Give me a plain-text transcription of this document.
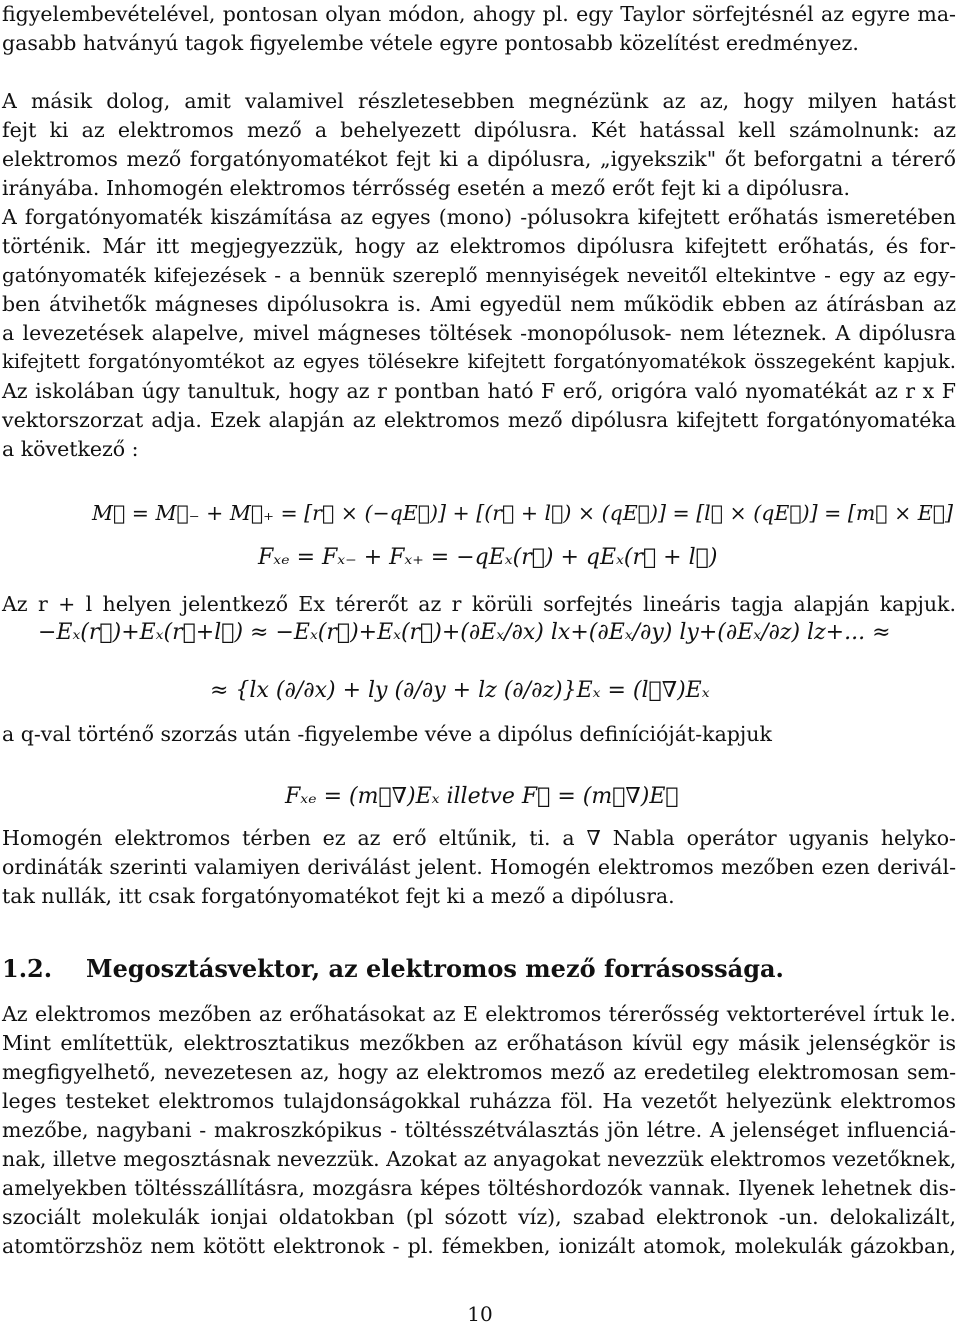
figyelembevételével, pontosan olyan módon, ahogy pl. egy Taylor sörfejtésnél az egyre ma-
gasabb hatványú tagok figyelembe vétele egyre pontosabb közelítést eredményez.
A másik dolog, amit valamivel részletesebben megnézünk az az, hogy milyen hatást
fejt ki az elektromos mező a behelyezett dipólusra. Két hatással kell számolnunk: az
elektromos mező forgatónyomatékot fejt ki a dipólusra, „igyekszik" őt beforgatni a térerő
irányába. Inhomogén elektromos térrősség esetén a mező erőt fejt ki a dipólusra.
A forgatónyomaték kiszámítása az egyes (mono) -pólusokra kifejtett erőhatás ismeretében
történik. Már itt megjegyezzük, hogy az elektromos dipólusra kifejtett erőhatás, és for-
gatónyomaték kifejezések - a bennük szereplő mennyiségek neveitől eltekintve - egy az egy-
ben átvihetők mágneses dipólusokra is. Ami egyedül nem működik ebben az átírásban az
a levezetések alapelve, mivel mágneses töltések -monopólusok- nem léteznek. A dipólusra
kifejtett forgatónyomtékot az egyes tölésekre kifejtett forgatónyomatékok összegeként kapjuk.
Az iskolában úgy tanultuk, hogy az r pontban ható F erő, origóra való nyomatékát az r x F
vektorszorzat adja. Ezek alapján az elektromos mező dipólusra kifejtett forgatónyomatéka
a következő :
M⃗ = M⃗₋ + M⃗₊ = [r⃗ × (−qE⃗)] + [(r⃗ + l⃗) × (qE⃗)] = [l⃗ × (qE⃗)] = [m⃗ × E⃗]
Fₓₑ = Fₓ₋ + Fₓ₊ = −qEₓ(r⃗) + qEₓ(r⃗ + l⃗)
Az r + l helyen jelentkező Ex térerőt az r körüli sorfejtés lineáris tagja alapján kapjuk.
−Eₓ(r⃗)+Eₓ(r⃗+l⃗) ≈ −Eₓ(r⃗)+Eₓ(r⃗)+(∂Eₓ/∂x) lx+(∂Eₓ/∂y) ly+(∂Eₓ/∂z) lz+... ≈
≈ {lx (∂/∂x) + ly (∂/∂y + lz (∂/∂z)}Eₓ = (l⃗∇)Eₓ
a q-val történő szorzás után -figyelembe véve a dipólus definícióját-kapjuk
Fₓₑ = (m⃗∇)Eₓ illetve F⃗ = (m⃗∇)E⃗
Homogén elektromos térben ez az erő eltűnik, ti. a ∇ Nabla operátor ugyanis helyko-
ordináták szerinti valamiyen deriválást jelent. Homogén elektromos mezőben ezen derivál-
tak nullák, itt csak forgatónyomatékot fejt ki a mező a dipólusra.
1.2. Megosztásvektor, az elektromos mező forrásossága.
Az elektromos mezőben az erőhatásokat az E elektromos térerősség vektorterével írtuk le.
Mint említettük, elektrosztatikus mezőkben az erőhatáson kívül egy másik jelenségkör is
megfigyelhető, nevezetesen az, hogy az elektromos mező az eredetileg elektromosan sem-
leges testeket elektromos tulajdonságokkal ruházza föl. Ha vezetőt helyezünk elektromos
mezőbe, nagybani - makroszkópikus - töltésszétválasztás jön létre. A jelenséget influenciá-
nak, illetve megosztásnak nevezzük. Azokat az anyagokat nevezzük elektromos vezetőknek,
amelyekben töltésszállításra, mozgásra képes töltéshordozók vannak. Ilyenek lehetnek dis-
szociált molekulák ionjai oldatokban (pl sózott víz), szabad elektronok -un. delokalizált,
atomtörzshöz nem kötött elektronok - pl. fémekben, ionizált atomok, molekulák gázokban,
10
